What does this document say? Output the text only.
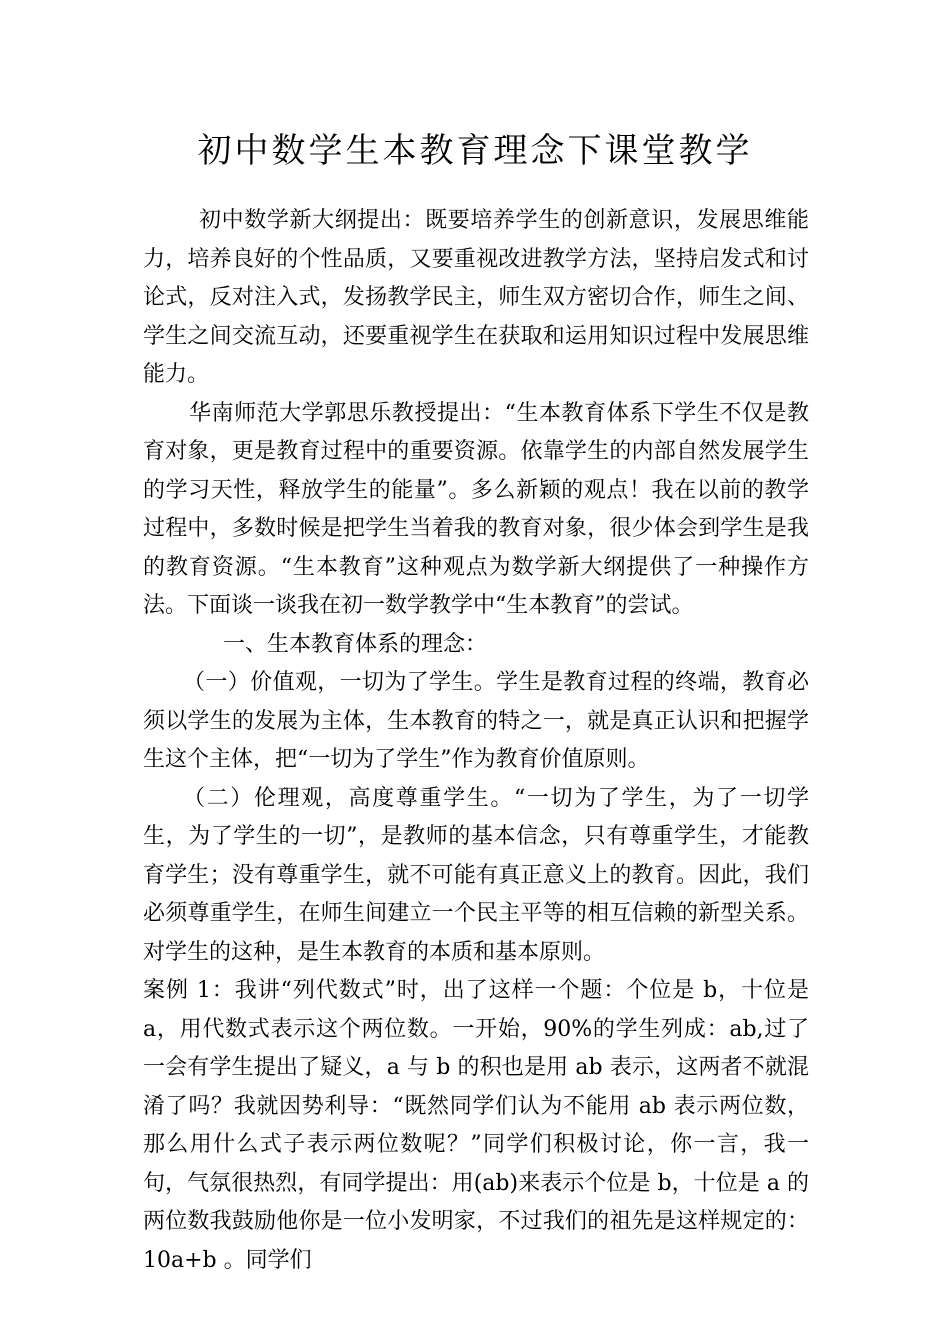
初中数学生本教育理念下课堂教学

初中数学新大纲提出：既要培养学生的创新意识，发展思维能力，培养良好的个性品质，又要重视改进教学方法，坚持启发式和讨论式，反对注入式，发扬教学民主，师生双方密切合作，师生之间、学生之间交流互动，还要重视学生在获取和运用知识过程中发展思维能力。

华南师范大学郭思乐教授提出：“生本教育体系下学生不仅是教育对象，更是教育过程中的重要资源。依靠学生的内部自然发展学生的学习天性，释放学生的能量”。多么新颖的观点！我在以前的教学过程中，多数时候是把学生当着我的教育对象，很少体会到学生是我的教育资源。“生本教育”这种观点为数学新大纲提供了一种操作方法。下面谈一谈我在初一数学教学中“生本教育”的尝试。

一、生本教育体系的理念：

（一）价值观，一切为了学生。学生是教育过程的终端，教育必须以学生的发展为主体，生本教育的特之一，就是真正认识和把握学生这个主体，把“一切为了学生”作为教育价值原则。

（二）伦理观，高度尊重学生。“一切为了学生，为了一切学生，为了学生的一切”，是教师的基本信念，只有尊重学生，才能教育学生；没有尊重学生，就不可能有真正意义上的教育。因此，我们必须尊重学生，在师生间建立一个民主平等的相互信赖的新型关系。对学生的这种，是生本教育的本质和基本原则。

案例 1：我讲“列代数式”时，出了这样一个题：个位是 b，十位是 a，用代数式表示这个两位数。一开始，90%的学生列成：ab,过了一会有学生提出了疑义，a 与 b 的积也是用 ab 表示，这两者不就混淆了吗？我就因势利导：“既然同学们认为不能用 ab 表示两位数，那么用什么式子表示两位数呢？”同学们积极讨论，你一言，我一句，气氛很热烈，有同学提出：用(ab)来表示个位是 b，十位是 a 的两位数我鼓励他你是一位小发明家，不过我们的祖先是这样规定的：10a+b 。同学们
